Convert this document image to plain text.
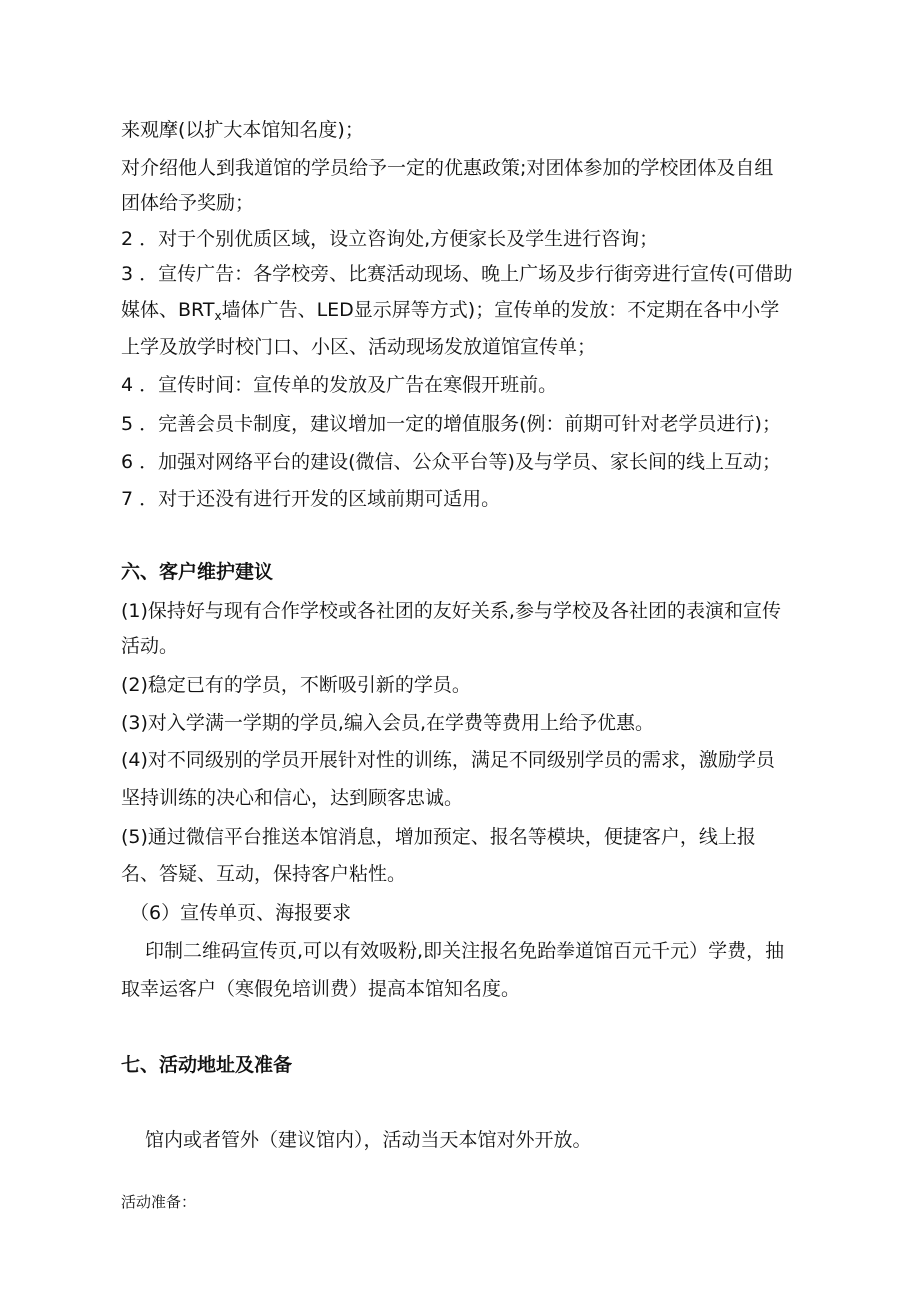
来观摩(以扩大本馆知名度)；
对介绍他人到我道馆的学员给予一定的优惠政策;对团体参加的学校团体及自组
团体给予奖励；
2 ．对于个别优质区域，设立咨询处,方便家长及学生进行咨询；
3 ．宣传广告：各学校旁、比赛活动现场、晚上广场及步行街旁进行宣传(可借助
媒体、$BRT_x$墙体广告、LED显示屏等方式)；宣传单的发放：不定期在各中小学
上学及放学时校门口、小区、活动现场发放道馆宣传单；
4 ．宣传时间：宣传单的发放及广告在寒假开班前。
5 ．完善会员卡制度，建议增加一定的增值服务(例：前期可针对老学员进行)；
6 ．加强对网络平台的建设(微信、公众平台等)及与学员、家长间的线上互动；
7 ．对于还没有进行开发的区域前期可适用。
六、客户维护建议
(1)保持好与现有合作学校或各社团的友好关系,参与学校及各社团的表演和宣传
活动。
(2)稳定已有的学员，不断吸引新的学员。
(3)对入学满一学期的学员,编入会员,在学费等费用上给予优惠。
(4)对不同级别的学员开展针对性的训练，满足不同级别学员的需求，激励学员
坚持训练的决心和信心，达到顾客忠诚。
(5)通过微信平台推送本馆消息，增加预定、报名等模块，便捷客户，线上报
名、答疑、互动，保持客户粘性。
（6）宣传单页、海报要求
印制二维码宣传页,可以有效吸粉,即关注报名免跆拳道馆百元千元）学费，抽
取幸运客户（寒假免培训费）提高本馆知名度。
七、活动地址及准备
馆内或者管外（建议馆内），活动当天本馆对外开放。
活动准备：
